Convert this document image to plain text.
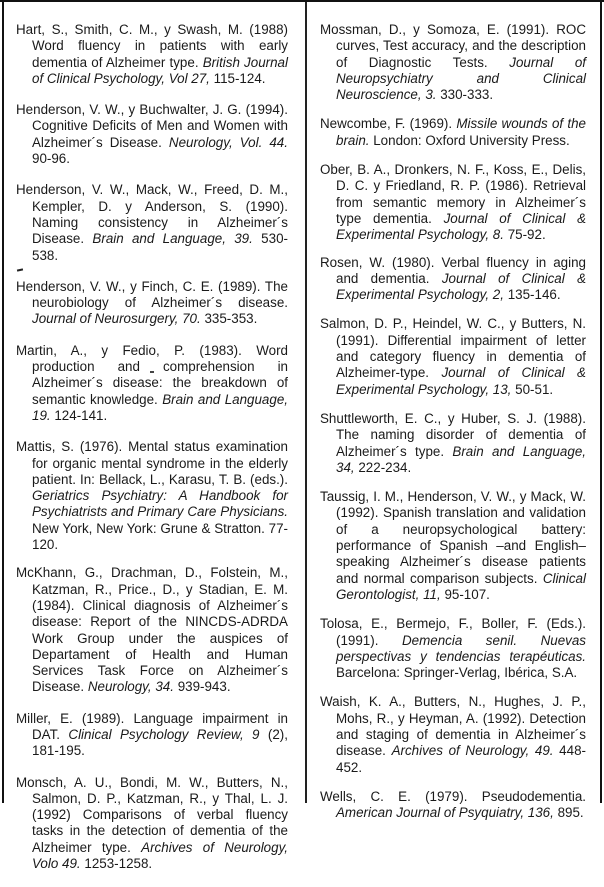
Hart, S., Smith, C. M., y Swash, M. (1988) Word fluency in patients with early dementia of Alzheimer type. British Journal of Clinical Psychology, Vol 27, 115-124.

Henderson, V. W., y Buchwalter, J. G. (1994). Cognitive Deficits of Men and Women with Alzheimer´s Disease. Neurology, Vol. 44. 90-96.

Henderson, V. W., Mack, W., Freed, D. M., Kempler, D. y Anderson, S. (1990). Naming consistency in Alzheimer´s Disease. Brain and Language, 39. 530-538.

Henderson, V. W., y Finch, C. E. (1989). The neurobiology of Alzheimer´s disease. Journal of Neurosurgery, 70. 335-353.

Martin, A., y Fedio, P. (1983). Word production and comprehension in Alzheimer´s disease: the breakdown of semantic knowledge. Brain and Language, 19. 124-141.

Mattis, S. (1976). Mental status examination for organic mental syndrome in the elderly patient. In: Bellack, L., Karasu, T. B. (eds.). Geriatrics Psychiatry: A Handbook for Psychiatrists and Primary Care Physicians. New York, New York: Grune & Stratton. 77-120.

McKhann, G., Drachman, D., Folstein, M., Katzman, R., Price., D., y Stadian, E. M. (1984). Clinical diagnosis of Alzheimer´s disease: Report of the NINCDS-ADRDA Work Group under the auspices of Departament of Health and Human Services Task Force on Alzheimer´s Disease. Neurology, 34. 939-943.

Miller, E. (1989). Language impairment in DAT. Clinical Psychology Review, 9 (2), 181-195.

Monsch, A. U., Bondi, M. W., Butters, N., Salmon, D. P., Katzman, R., y Thal, L. J. (1992) Comparisons of verbal fluency tasks in the detection of dementia of the Alzheimer type. Archives of Neurology, Volo 49. 1253-1258.

Mossman, D., y Somoza, E. (1991). ROC curves, Test accuracy, and the description of Diagnostic Tests. Journal of Neuropsychiatry and Clinical Neuroscience, 3. 330-333.

Newcombe, F. (1969). Missile wounds of the brain. London: Oxford University Press.

Ober, B. A., Dronkers, N. F., Koss, E., Delis, D. C. y Friedland, R. P. (1986). Retrieval from semantic memory in Alzheimer´s type dementia. Journal of Clinical & Experimental Psychology, 8. 75-92.

Rosen, W. (1980). Verbal fluency in aging and dementia. Journal of Clinical & Experimental Psychology, 2, 135-146.

Salmon, D. P., Heindel, W. C., y Butters, N. (1991). Differential impairment of letter and category fluency in dementia of Alzheimer-type. Journal of Clinical & Experimental Psychology, 13, 50-51.

Shuttleworth, E. C., y Huber, S. J. (1988). The naming disorder of dementia of Alzheimer´s type. Brain and Language, 34, 222-234.

Taussig, I. M., Henderson, V. W., y Mack, W. (1992). Spanish translation and validation of a neuropsychological battery: performance of Spanish –and English– speaking Alzheimer´s disease patients and normal comparison subjects. Clinical Gerontologist, 11, 95-107.

Tolosa, E., Bermejo, F., Boller, F. (Eds.). (1991). Demencia senil. Nuevas perspectivas y tendencias terapéuticas. Barcelona: Springer-Verlag, Ibérica, S.A.

Waish, K. A., Butters, N., Hughes, J. P., Mohs, R., y Heyman, A. (1992). Detection and staging of dementia in Alzheimer´s disease. Archives of Neurology, 49. 448-452.

Wells, C. E. (1979). Pseudodementia. American Journal of Psyquiatry, 136, 895.
